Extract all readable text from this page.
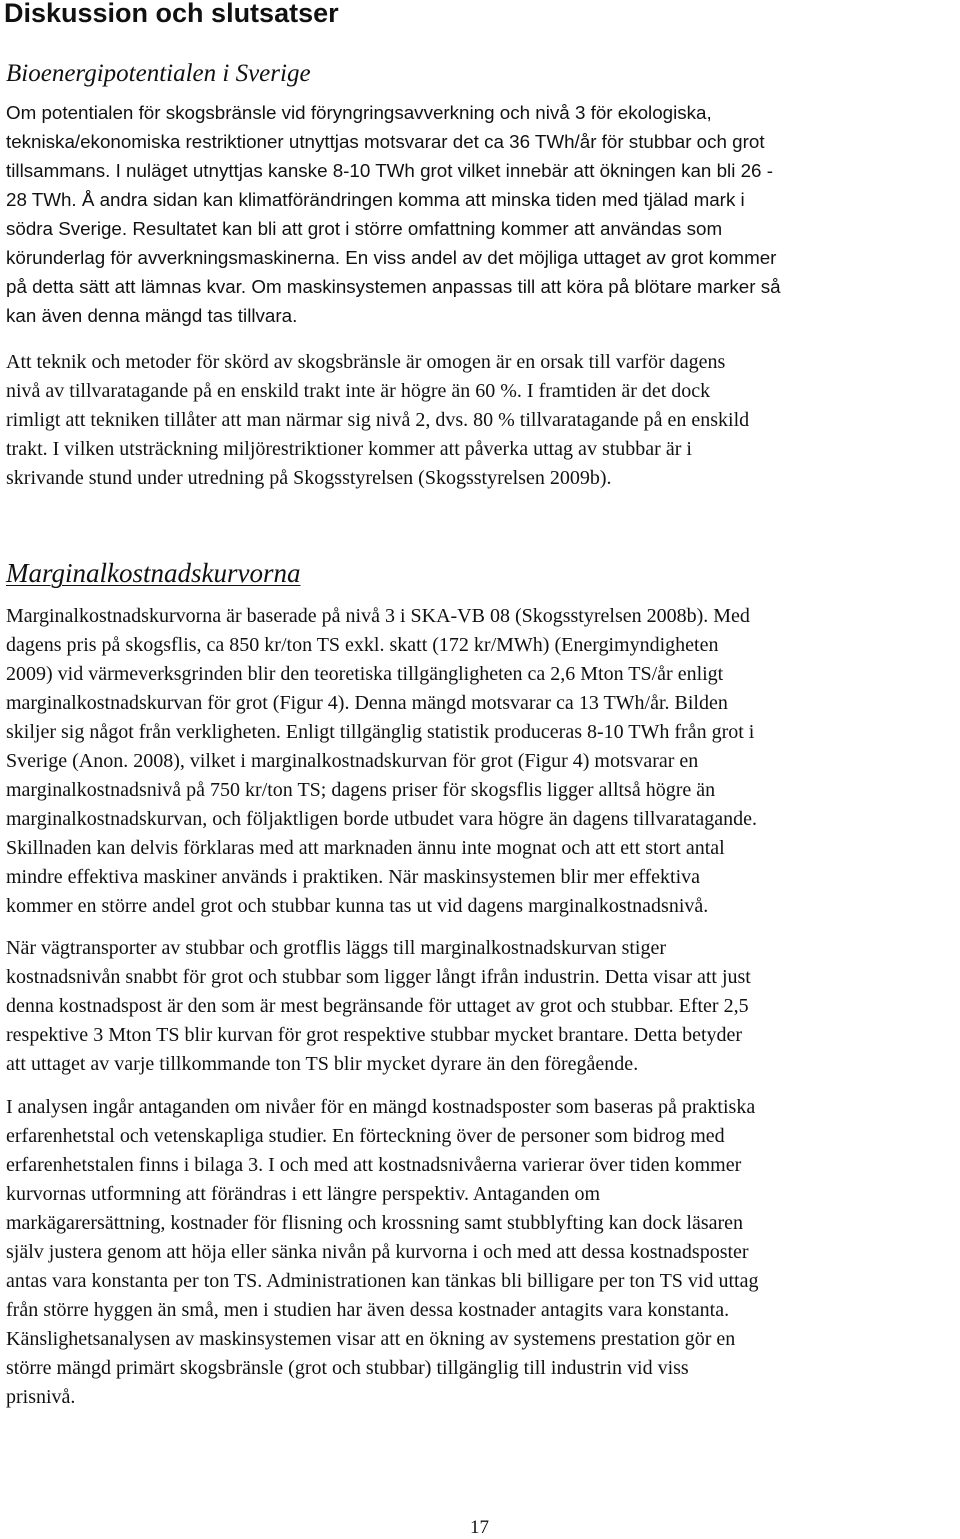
Diskussion och slutsatser
Bioenergipotentialen i Sverige
Om potentialen för skogsbränsle vid föryngringsavverkning och nivå 3 för ekologiska,
tekniska/ekonomiska restriktioner utnyttjas motsvarar det ca 36 TWh/år för stubbar och grot
tillsammans. I nuläget utnyttjas kanske 8-10 TWh grot vilket innebär att ökningen kan bli 26 -
28 TWh. Å andra sidan kan klimatförändringen komma att minska tiden med tjälad mark i
södra Sverige. Resultatet kan bli att grot i större omfattning kommer att användas som
körunderlag för avverkningsmaskinerna. En viss andel av det möjliga uttaget av grot kommer
på detta sätt att lämnas kvar. Om maskinsystemen anpassas till att köra på blötare marker så
kan även denna mängd tas tillvara.
Att teknik och metoder för skörd av skogsbränsle är omogen är en orsak till varför dagens
nivå av tillvaratagande på en enskild trakt inte är högre än 60 %. I framtiden är det dock
rimligt att tekniken tillåter att man närmar sig nivå 2, dvs. 80 % tillvaratagande på en enskild
trakt. I vilken utsträckning miljörestriktioner kommer att påverka uttag av stubbar är i
skrivande stund under utredning på Skogsstyrelsen (Skogsstyrelsen 2009b).
Marginalkostnadskurvorna
Marginalkostnadskurvorna är baserade på nivå 3 i SKA-VB 08 (Skogsstyrelsen 2008b). Med
dagens pris på skogsflis, ca 850 kr/ton TS exkl. skatt (172 kr/MWh) (Energimyndigheten
2009) vid värmeverksgrinden blir den teoretiska tillgängligheten ca 2,6 Mton TS/år enligt
marginalkostnadskurvan för grot (Figur 4). Denna mängd motsvarar ca 13 TWh/år. Bilden
skiljer sig något från verkligheten. Enligt tillgänglig statistik produceras 8-10 TWh från grot i
Sverige (Anon. 2008), vilket i marginalkostnadskurvan för grot (Figur 4) motsvarar en
marginalkostnadsnivå på 750 kr/ton TS; dagens priser för skogsflis ligger alltså högre än
marginalkostnadskurvan, och följaktligen borde utbudet vara högre än dagens tillvaratagande.
Skillnaden kan delvis förklaras med att marknaden ännu inte mognat och att ett stort antal
mindre effektiva maskiner används i praktiken. När maskinsystemen blir mer effektiva
kommer en större andel grot och stubbar kunna tas ut vid dagens marginalkostnadsnivå.
När vägtransporter av stubbar och grotflis läggs till marginalkostnadskurvan stiger
kostnadsnivån snabbt för grot och stubbar som ligger långt ifrån industrin. Detta visar att just
denna kostnadspost är den som är mest begränsande för uttaget av grot och stubbar. Efter 2,5
respektive 3 Mton TS blir kurvan för grot respektive stubbar mycket brantare. Detta betyder
att uttaget av varje tillkommande ton TS blir mycket dyrare än den föregående.
I analysen ingår antaganden om nivåer för en mängd kostnadsposter som baseras på praktiska
erfarenhetstal och vetenskapliga studier. En förteckning över de personer som bidrog med
erfarenhetstalen finns i bilaga 3. I och med att kostnadsnivåerna varierar över tiden kommer
kurvornas utformning att förändras i ett längre perspektiv. Antaganden om
markägarersättning, kostnader för flisning och krossning samt stubblyfting kan dock läsaren
själv justera genom att höja eller sänka nivån på kurvorna i och med att dessa kostnadsposter
antas vara konstanta per ton TS. Administrationen kan tänkas bli billigare per ton TS vid uttag
från större hyggen än små, men i studien har även dessa kostnader antagits vara konstanta.
Känslighetsanalysen av maskinsystemen visar att en ökning av systemens prestation gör en
större mängd primärt skogsbränsle (grot och stubbar) tillgänglig till industrin vid viss
prisnivå.
17
